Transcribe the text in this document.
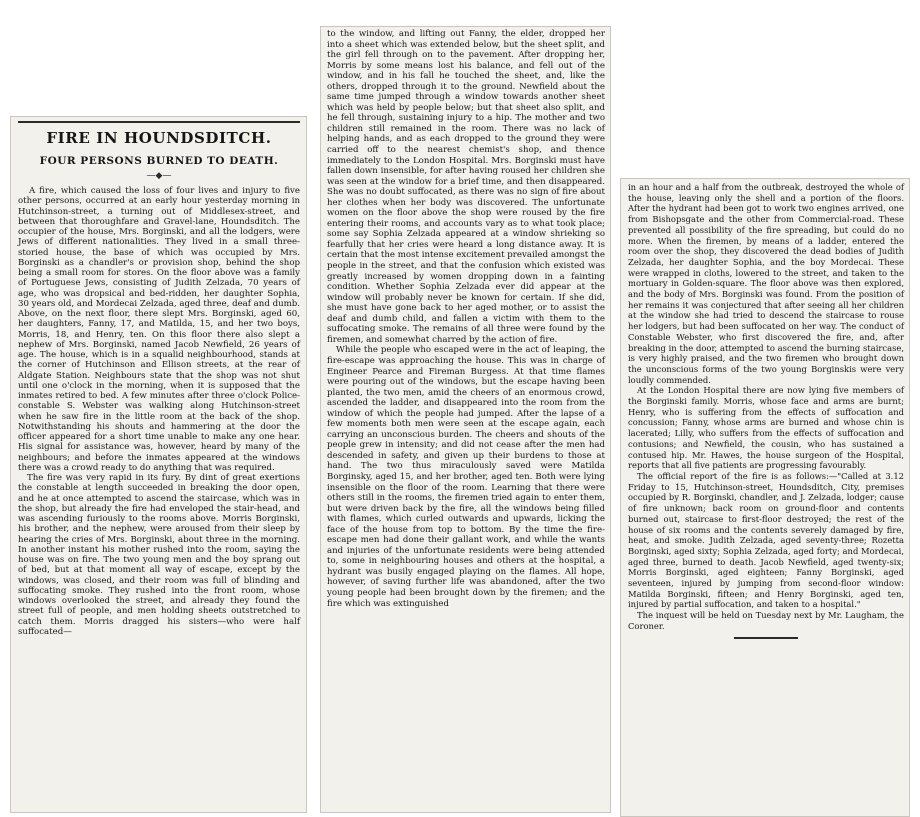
FIRE IN HOUNDSDITCH.
FOUR PERSONS BURNED TO DEATH.
—◆—

A fire, which caused the loss of four lives and injury to five other persons, occurred at an early hour yesterday morning in Hutchinson-street, a turning out of Middlesex-street, and between that thoroughfare and Gravel-lane, Houndsditch. The occupier of the house, Mrs. Borginski, and all the lodgers, were Jews of different nationalities. They lived in a small three-storied house, the base of which was occupied by Mrs. Borginski as a chandler's or provision shop, behind the shop being a small room for stores. On the floor above was a family of Portuguese Jews, consisting of Judith Zelzada, 70 years of age, who was dropsical and bed-ridden, her daughter Sophia, 30 years old, and Mordecai Zelzada, aged three, deaf and dumb. Above, on the next floor, there slept Mrs. Borginski, aged 60, her daughters, Fanny, 17, and Matilda, 15, and her two boys, Morris, 18, and Henry, ten. On this floor there also slept a nephew of Mrs. Borginski, named Jacob Newfield, 26 years of age. The house, which is in a squalid neighbourhood, stands at the corner of Hutchinson and Ellison streets, at the rear of Aldgate Station. Neighbours state that the shop was not shut until one o'clock in the morning, when it is supposed that the inmates retired to bed. A few minutes after three o'clock Police-constable S. Webster was walking along Hutchinson-street when he saw fire in the little room at the back of the shop. Notwithstanding his shouts and hammering at the door the officer appeared for a short time unable to make any one hear. His signal for assistance was, however, heard by many of the neighbours; and before the inmates appeared at the windows there was a crowd ready to do anything that was required.

The fire was very rapid in its fury. By dint of great exertions the constable at length succeeded in breaking the door open, and he at once attempted to ascend the staircase, which was in the shop, but already the fire had enveloped the stair-head, and was ascending furiously to the rooms above. Morris Borginski, his brother, and the nephew, were aroused from their sleep by hearing the cries of Mrs. Borginski, about three in the morning. In another instant his mother rushed into the room, saying the house was on fire. The two young men and the boy sprang out of bed, but at that moment all way of escape, except by the windows, was closed, and their room was full of blinding and suffocating smoke. They rushed into the front room, whose windows overlooked the street, and already they found the street full of people, and men holding sheets outstretched to catch them. Morris dragged his sisters—who were half suffocated—

to the window, and lifting out Fanny, the elder, dropped her into a sheet which was extended below, but the sheet split, and the girl fell through on to the pavement. After dropping her, Morris by some means lost his balance, and fell out of the window, and in his fall he touched the sheet, and, like the others, dropped through it to the ground. Newfield about the same time jumped through a window towards another sheet which was held by people below; but that sheet also split, and he fell through, sustaining injury to a hip. The mother and two children still remained in the room. There was no lack of helping hands, and as each dropped to the ground they were carried off to the nearest chemist's shop, and thence immediately to the London Hospital. Mrs. Borginski must have fallen down insensible, for after having roused her children she was seen at the window for a brief time, and then disappeared. She was no doubt suffocated, as there was no sign of fire about her clothes when her body was discovered. The unfortunate women on the floor above the shop were roused by the fire entering their rooms, and accounts vary as to what took place; some say Sophia Zelzada appeared at a window shrieking so fearfully that her cries were heard a long distance away. It is certain that the most intense excitement prevailed amongst the people in the street, and that the confusion which existed was greatly increased by women dropping down in a fainting condition. Whether Sophia Zelzada ever did appear at the window will probably never be known for certain. If she did, she must have gone back to her aged mother, or to assist the deaf and dumb child, and fallen a victim with them to the suffocating smoke. The remains of all three were found by the firemen, and somewhat charred by the action of fire.

While the people who escaped were in the act of leaping, the fire-escape was approaching the house. This was in charge of Engineer Pearce and Fireman Burgess. At that time flames were pouring out of the windows, but the escape having been planted, the two men, amid the cheers of an enormous crowd, ascended the ladder, and disappeared into the room from the window of which the people had jumped. After the lapse of a few moments both men were seen at the escape again, each carrying an unconscious burden. The cheers and shouts of the people grew in intensity; and did not cease after the men had descended in safety, and given up their burdens to those at hand. The two thus miraculously saved were Matilda Borginsky, aged 15, and her brother, aged ten. Both were lying insensible on the floor of the room. Learning that there were others still in the rooms, the firemen tried again to enter them, but were driven back by the fire, all the windows being filled with flames, which curled outwards and upwards, licking the face of the house from top to bottom. By the time the fire-escape men had done their gallant work, and while the wants and injuries of the unfortunate residents were being attended to, some in neighbouring houses and others at the hospital, a hydrant was busily engaged playing on the flames. All hope, however, of saving further life was abandoned, after the two young people had been brought down by the firemen; and the fire which was extinguished

in an hour and a half from the outbreak, destroyed the whole of the house, leaving only the shell and a portion of the floors. After the hydrant had been got to work two engines arrived, one from Bishopsgate and the other from Commercial-road. These prevented all possibility of the fire spreading, but could do no more. When the firemen, by means of a ladder, entered the room over the shop, they discovered the dead bodies of Judith Zelzada, her daughter Sophia, and the boy Mordecai. These were wrapped in cloths, lowered to the street, and taken to the mortuary in Golden-square. The floor above was then explored, and the body of Mrs. Borginski was found. From the position of her remains it was conjectured that after seeing all her children at the window she had tried to descend the staircase to rouse her lodgers, but had been suffocated on her way. The conduct of Constable Webster, who first discovered the fire, and, after breaking in the door, attempted to ascend the burning staircase, is very highly praised, and the two firemen who brought down the unconscious forms of the two young Borginskis were very loudly commended.

At the London Hospital there are now lying five members of the Borginski family. Morris, whose face and arms are burnt; Henry, who is suffering from the effects of suffocation and concussion; Fanny, whose arms are burned and whose chin is lacerated; Lilly, who suffers from the effects of suffocation and contusions; and Newfield, the cousin, who has sustained a contused hip. Mr. Hawes, the house surgeon of the Hospital, reports that all five patients are progressing favourably.

The official report of the fire is as follows:—"Called at 3.12 Friday to 15, Hutchinson-street, Houndsditch, City, premises occupied by R. Borginski, chandler, and J. Zelzada, lodger; cause of fire unknown; back room on ground-floor and contents burned out, staircase to first-floor destroyed; the rest of the house of six rooms and the contents severely damaged by fire, heat, and smoke. Judith Zelzada, aged seventy-three; Rozetta Borginski, aged sixty; Sophia Zelzada, aged forty; and Mordecai, aged three, burned to death. Jacob Newfield, aged twenty-six; Morris Borginski, aged eighteen; Fanny Borginski, aged seventeen, injured by jumping from second-floor window: Matilda Borginski, fifteen; and Henry Borginski, aged ten, injured by partial suffocation, and taken to a hospital."

The inquest will be held on Tuesday next by Mr. Laugham, the Coroner.
